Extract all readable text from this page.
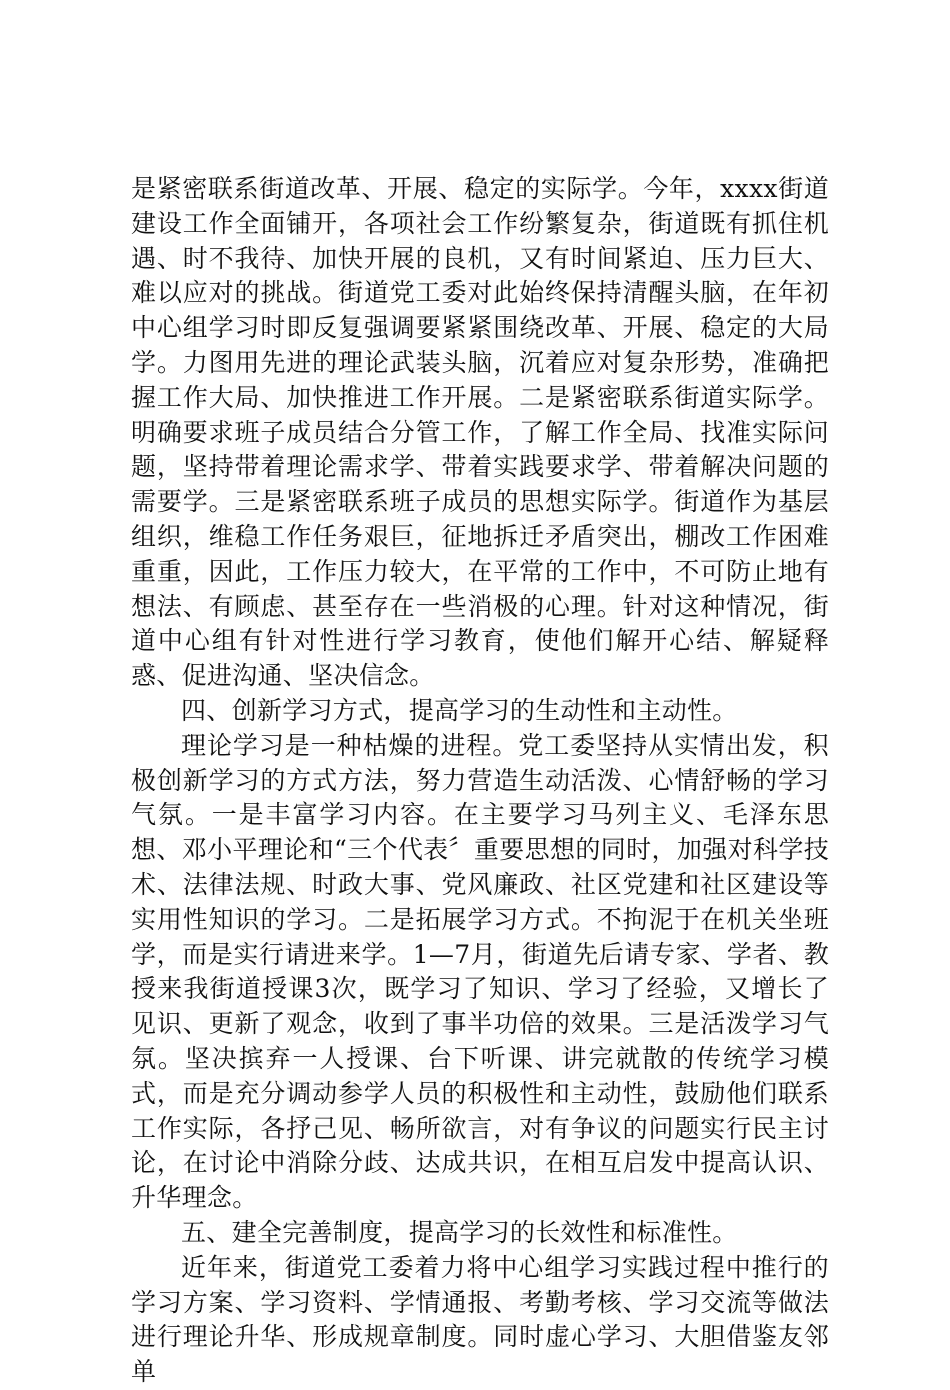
是紧密联系街道改革、开展、稳定的实际学。今年，xxxx街道建设工作全面铺开，各项社会工作纷繁复杂，街道既有抓住机遇、时不我待、加快开展的良机，又有时间紧迫、压力巨大、难以应对的挑战。街道党工委对此始终保持清醒头脑，在年初中心组学习时即反复强调要紧紧围绕改革、开展、稳定的大局学。力图用先进的理论武装头脑，沉着应对复杂形势，准确把握工作大局、加快推进工作开展。二是紧密联系街道实际学。明确要求班子成员结合分管工作，了解工作全局、找准实际问题，坚持带着理论需求学、带着实践要求学、带着解决问题的需要学。三是紧密联系班子成员的思想实际学。街道作为基层组织，维稳工作任务艰巨，征地拆迁矛盾突出，棚改工作困难重重，因此，工作压力较大，在平常的工作中，不可防止地有想法、有顾虑、甚至存在一些消极的心理。针对这种情况，街道中心组有针对性进行学习教育，使他们解开心结、解疑释惑、促进沟通、坚决信念。

四、创新学习方式，提高学习的生动性和主动性。

理论学习是一种枯燥的进程。党工委坚持从实情出发，积极创新学习的方式方法，努力营造生动活泼、心情舒畅的学习气氛。一是丰富学习内容。在主要学习马列主义、毛泽东思想、邓小平理论和“三个代表〞重要思想的同时，加强对科学技术、法律法规、时政大事、党风廉政、社区党建和社区建设等实用性知识的学习。二是拓展学习方式。不拘泥于在机关坐班学，而是实行请进来学。1—7月，街道先后请专家、学者、教授来我街道授课3次，既学习了知识、学习了经验，又增长了见识、更新了观念，收到了事半功倍的效果。三是活泼学习气氛。坚决摈弃一人授课、台下听课、讲完就散的传统学习模式，而是充分调动参学人员的积极性和主动性，鼓励他们联系工作实际，各抒己见、畅所欲言，对有争议的问题实行民主讨论，在讨论中消除分歧、达成共识，在相互启发中提高认识、升华理念。

五、建全完善制度，提高学习的长效性和标准性。

近年来，街道党工委着力将中心组学习实践过程中推行的学习方案、学习资料、学情通报、考勤考核、学习交流等做法进行理论升华、形成规章制度。同时虚心学习、大胆借鉴友邻单
